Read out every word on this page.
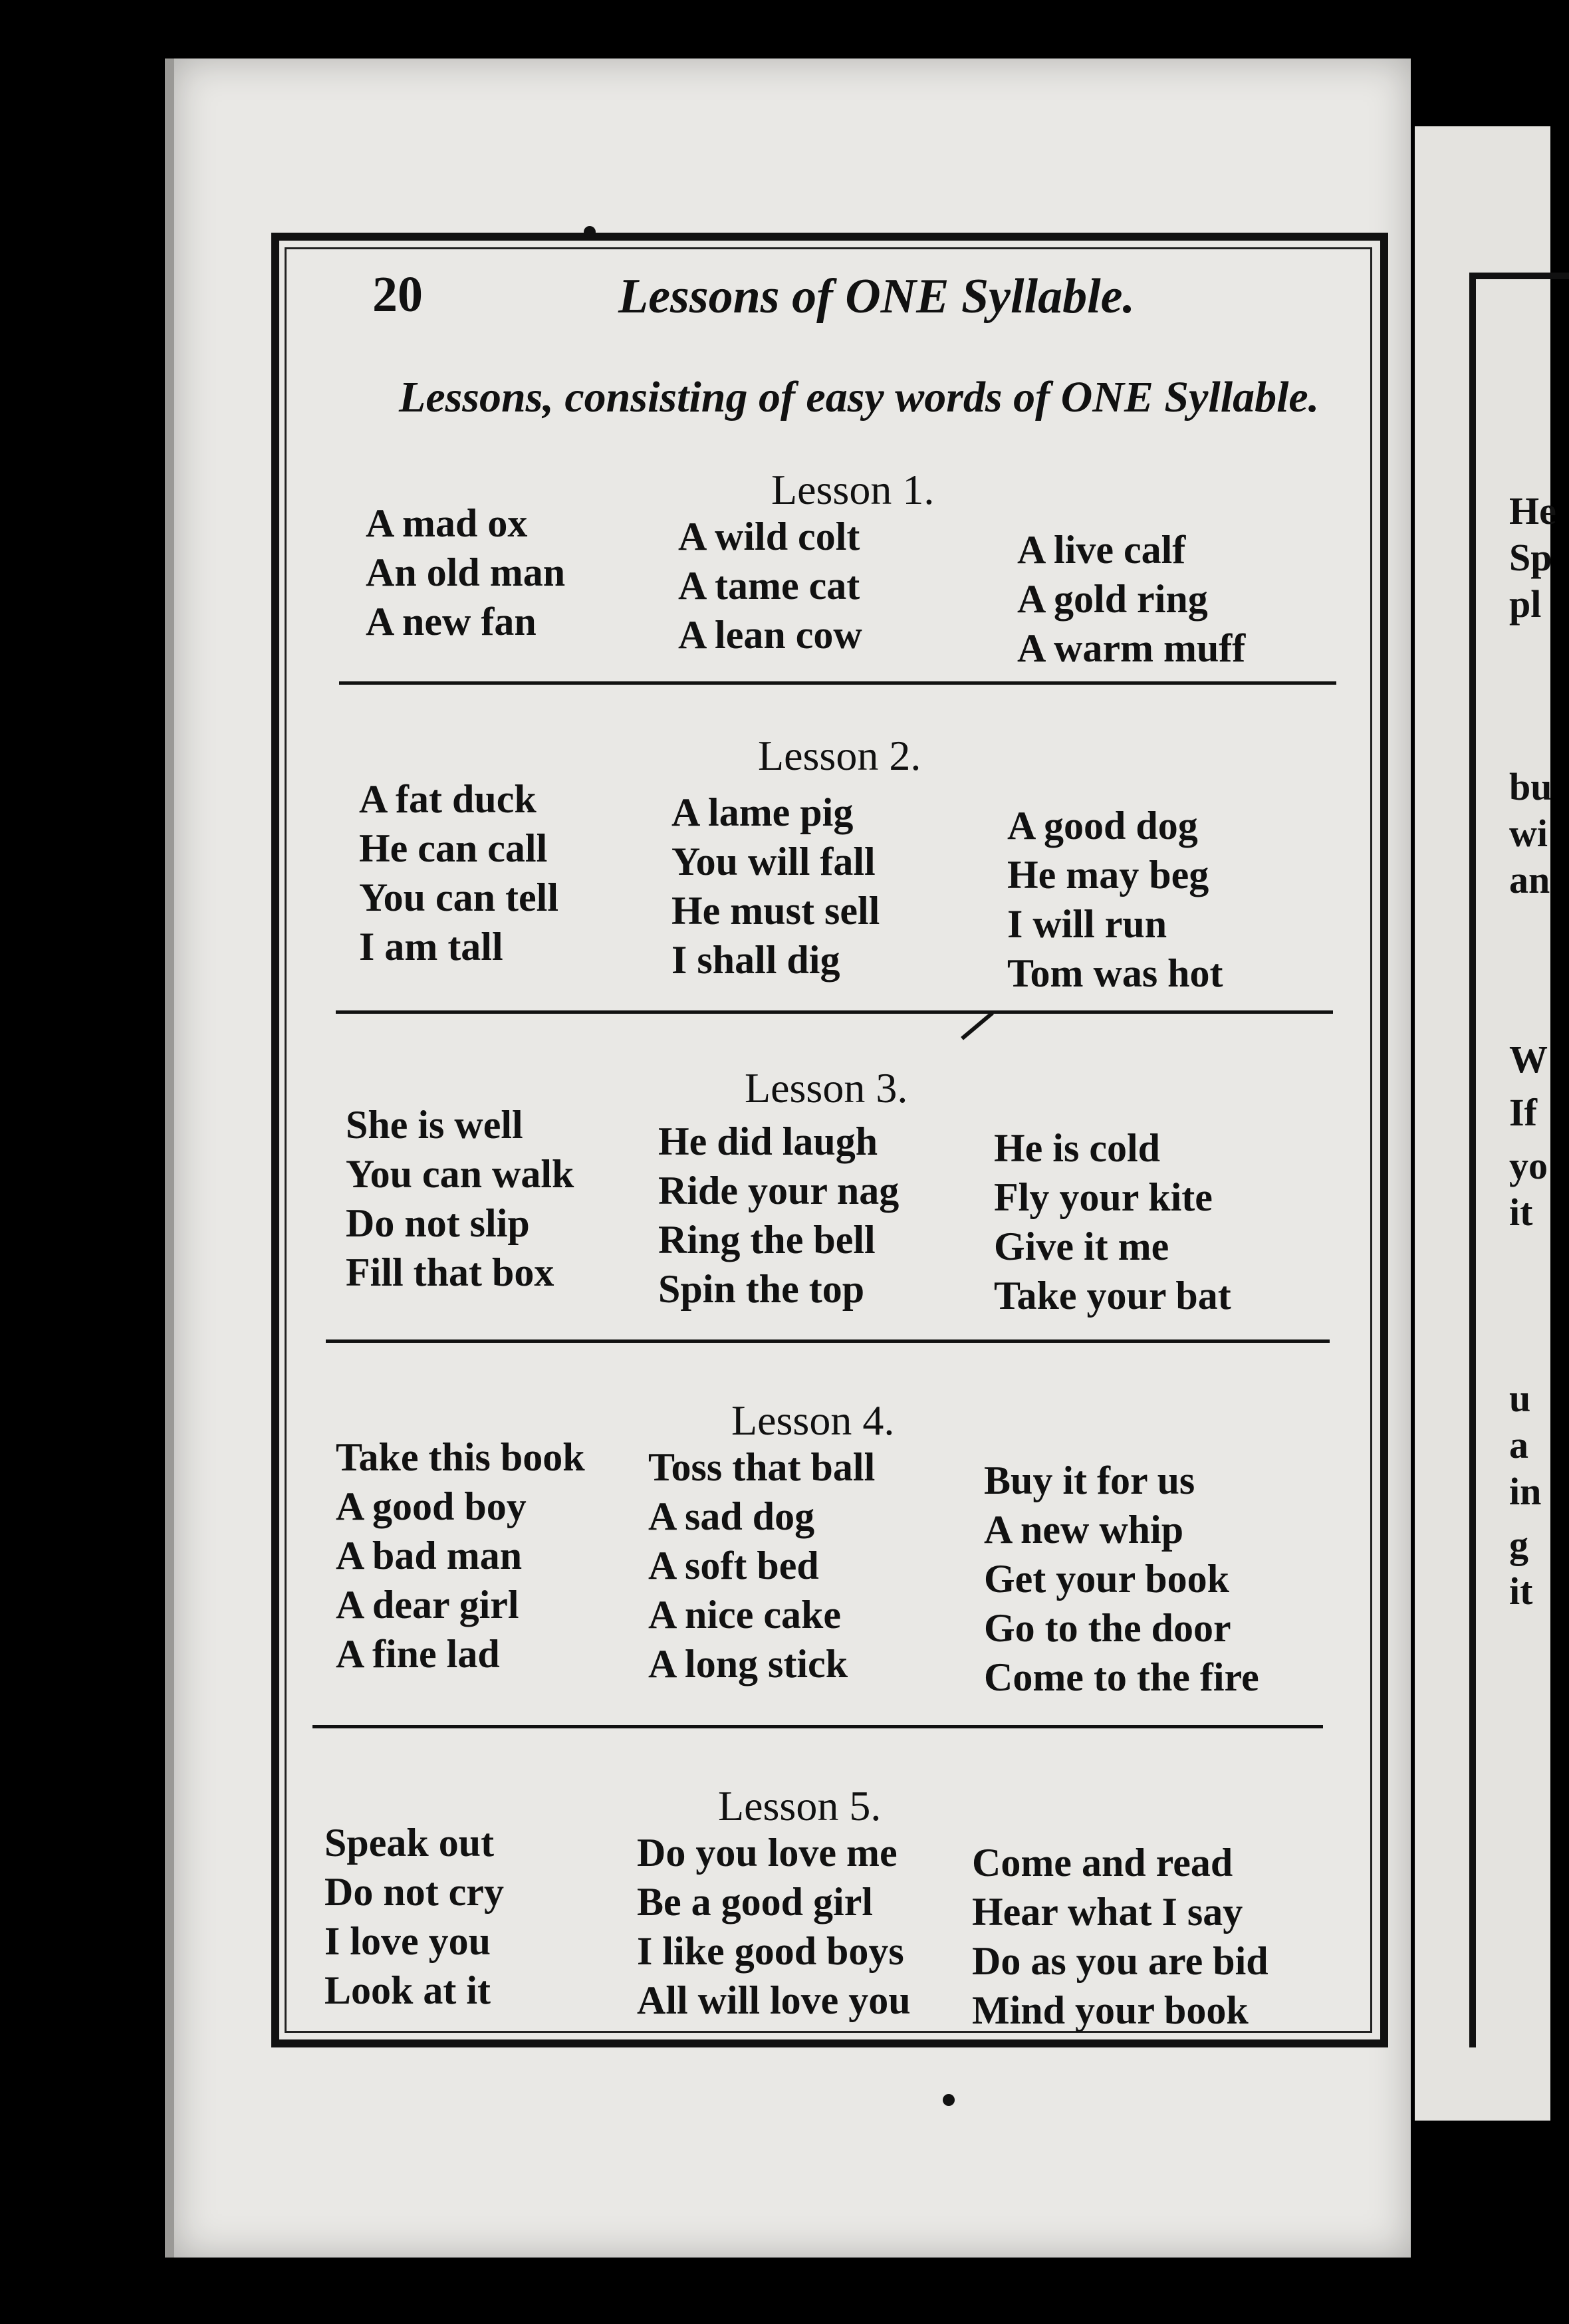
He
Sp
pl
bu
wi
an
W
If
yo
it
u
a
in
g
it
20	Lessons of ONE Syllable.
Lessons, consisting of easy words of ONE Syllable.
Lesson 1.
A mad ox
An old man
A new fan
A wild colt
A tame cat
A lean cow
A live calf
A gold ring
A warm muff
Lesson 2.
A fat duck
He can call
You can tell
I am tall
A lame pig
You will fall
He must sell
I shall dig
A good dog
He may beg
I will run
Tom was hot
Lesson 3.
She is well
You can walk
Do not slip
Fill that box
He did laugh
Ride your nag
Ring the bell
Spin the top
He is cold
Fly your kite
Give it me
Take your bat
Lesson 4.
Take this book
A good boy
A bad man
A dear girl
A fine lad
Toss that ball
A sad dog
A soft bed
A nice cake
A long stick
Buy it for us
A new whip
Get your book
Go to the door
Come to the fire
Lesson 5.
Speak out
Do not cry
I love you
Look at it
Do you love me
Be a good girl
I like good boys
All will love you
Come and read
Hear what I say
Do as you are bid
Mind your book
